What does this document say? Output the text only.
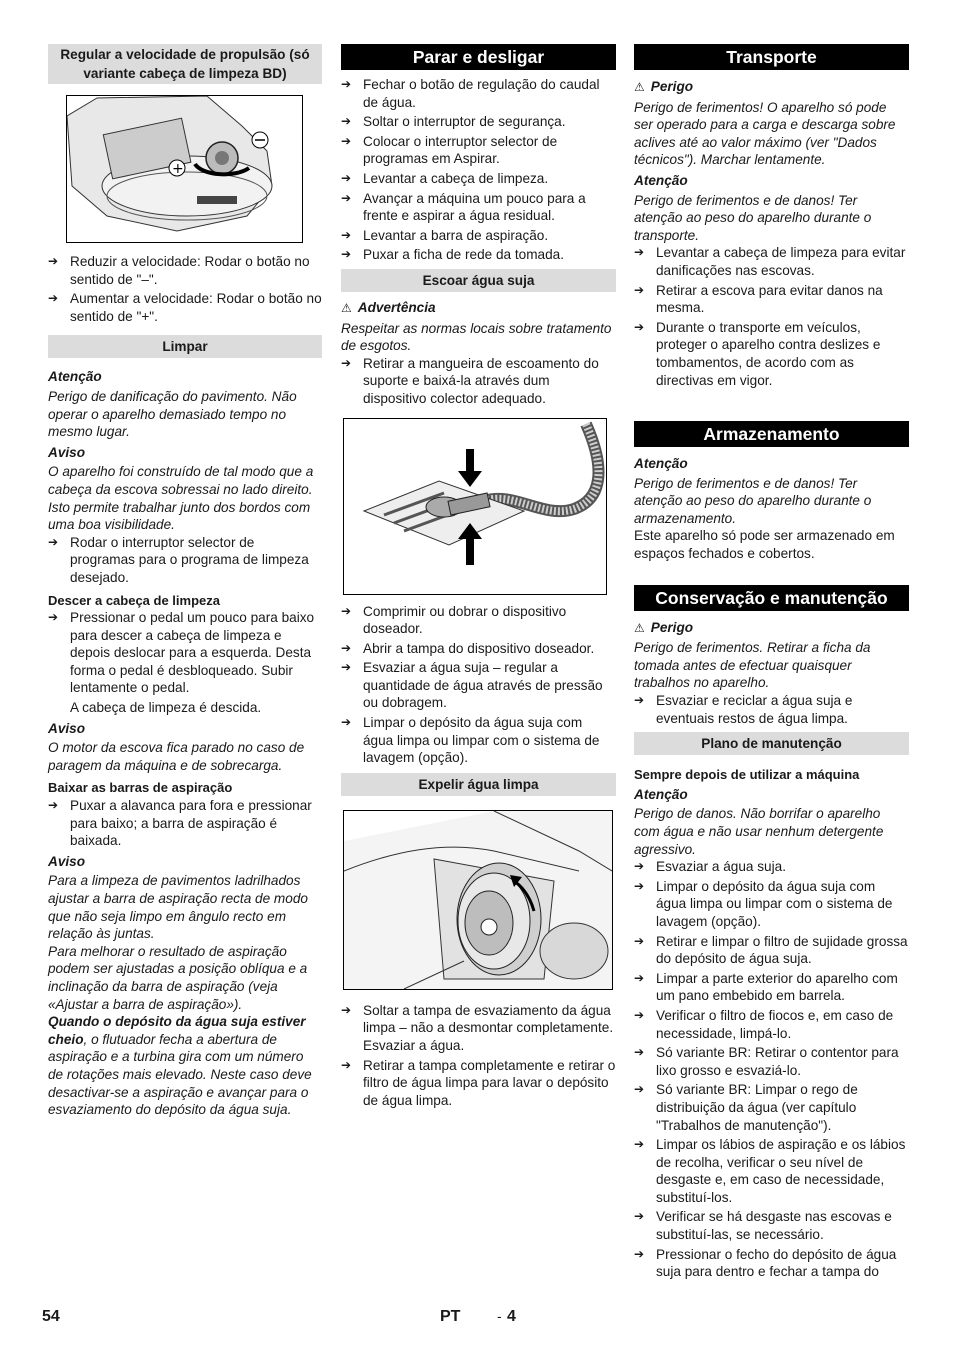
Regular a velocidade de propulsão (só variante cabeça de limpeza BD)
+

➔ Reduzir a velocidade: Rodar o botão no sentido de "–".

➔ Aumentar a velocidade: Rodar o botão no sentido de "+".

Limpar

Atenção

Perigo de danificação do pavimento. Não operar o aparelho demasiado tempo no mesmo lugar.

Aviso

O aparelho foi construído de tal modo que a cabeça da escova sobressai no lado direito. Isto permite trabalhar junto dos bordos com uma boa visibilidade.

➔ Rodar o interruptor selector de programas para o programa de limpeza desejado.

Descer a cabeça de limpeza

➔ Pressionar o pedal um pouco para baixo para descer a cabeça de limpeza e depois deslocar para a esquerda. Desta forma o pedal é desbloqueado. Subir lentamente o pedal.

A cabeça de limpeza é descida.

Aviso

O motor da escova fica parado no caso de paragem da máquina e de sobrecarga.

Baixar as barras de aspiração

➔ Puxar a alavanca para fora e pressionar para baixo; a barra de aspiração é baixada.

Aviso

Para a limpeza de pavimentos ladrilhados ajustar a barra de aspiração recta de modo que não seja limpo em ângulo recto em relação às juntas.

Para melhorar o resultado de aspiração podem ser ajustadas a posição oblíqua e a inclinação da barra de aspiração (veja «Ajustar a barra de aspiração»).

Quando o depósito da água suja estiver cheio, o flutuador fecha a abertura de aspiração e a turbina gira com um número de rotações mais elevado. Neste caso deve desactivar-se a aspiração e avançar para o esvaziamento do depósito da água suja.

Parar e desligar

➔ Fechar o botão de regulação do caudal de água.

➔ Soltar o interruptor de segurança.

➔ Colocar o interruptor selector de programas em Aspirar.

➔ Levantar a cabeça de limpeza.

➔ Avançar a máquina um pouco para a frente e aspirar a água residual.

➔ Levantar a barra de aspiração.

➔ Puxar a ficha de rede da tomada.

Escoar água suja

⚠ Advertência

Respeitar as normas locais sobre tratamento de esgotos.

➔ Retirar a mangueira de escoamento do suporte e baixá-la através dum dispositivo colector adequado.

➔ Comprimir ou dobrar o dispositivo doseador.

➔ Abrir a tampa do dispositivo doseador.

➔ Esvaziar a água suja – regular a quantidade de água através de pressão ou dobragem.

➔ Limpar o depósito da água suja com água limpa ou limpar com o sistema de lavagem (opção).

Expelir água limpa

➔ Soltar a tampa de esvaziamento da água limpa – não a desmontar completamente. Esvaziar a água.

➔ Retirar a tampa completamente e retirar o filtro de água limpa para lavar o depósito de água limpa.

Transporte

⚠ Perigo

Perigo de ferimentos! O aparelho só pode ser operado para a carga e descarga sobre aclives até ao valor máximo (ver "Dados técnicos"). Marchar lentamente.

Atenção

Perigo de ferimentos e de danos! Ter atenção ao peso do aparelho durante o transporte.

➔ Levantar a cabeça de limpeza para evitar danificações nas escovas.

➔ Retirar a escova para evitar danos na mesma.

➔ Durante o transporte em veículos, proteger o aparelho contra deslizes e tombamentos, de acordo com as directivas em vigor.

Armazenamento

Atenção

Perigo de ferimentos e de danos! Ter atenção ao peso do aparelho durante o armazenamento.

Este aparelho só pode ser armazenado em espaços fechados e cobertos.

Conservação e manutenção

⚠ Perigo

Perigo de ferimentos. Retirar a ficha da tomada antes de efectuar quaisquer trabalhos no aparelho.

➔ Esvaziar e reciclar a água suja e eventuais restos de água limpa.

Plano de manutenção

Sempre depois de utilizar a máquina

Atenção

Perigo de danos. Não borrifar o aparelho com água e não usar nenhum detergente agressivo.

➔ Esvaziar a água suja.

➔ Limpar o depósito da água suja com água limpa ou limpar com o sistema de lavagem (opção).

➔ Retirar e limpar o filtro de sujidade grossa do depósito de água suja.

➔ Limpar a parte exterior do aparelho com um pano embebido em barrela.

➔ Verificar o filtro de fiocos e, em caso de necessidade, limpá-lo.

➔ Só variante BR: Retirar o contentor para lixo grosso e esvaziá-lo.

➔ Só variante BR: Limpar o rego de distribuição da água (ver capítulo "Trabalhos de manutenção").

➔ Limpar os lábios de aspiração e os lábios de recolha, verificar o seu nível de desgaste e, em caso de necessidade, substituí-los.

➔ Verificar se há desgaste nas escovas e substituí-las, se necessário.

➔ Pressionar o fecho do depósito de água suja para dentro e fechar a tampa do

54	PT	- 4
